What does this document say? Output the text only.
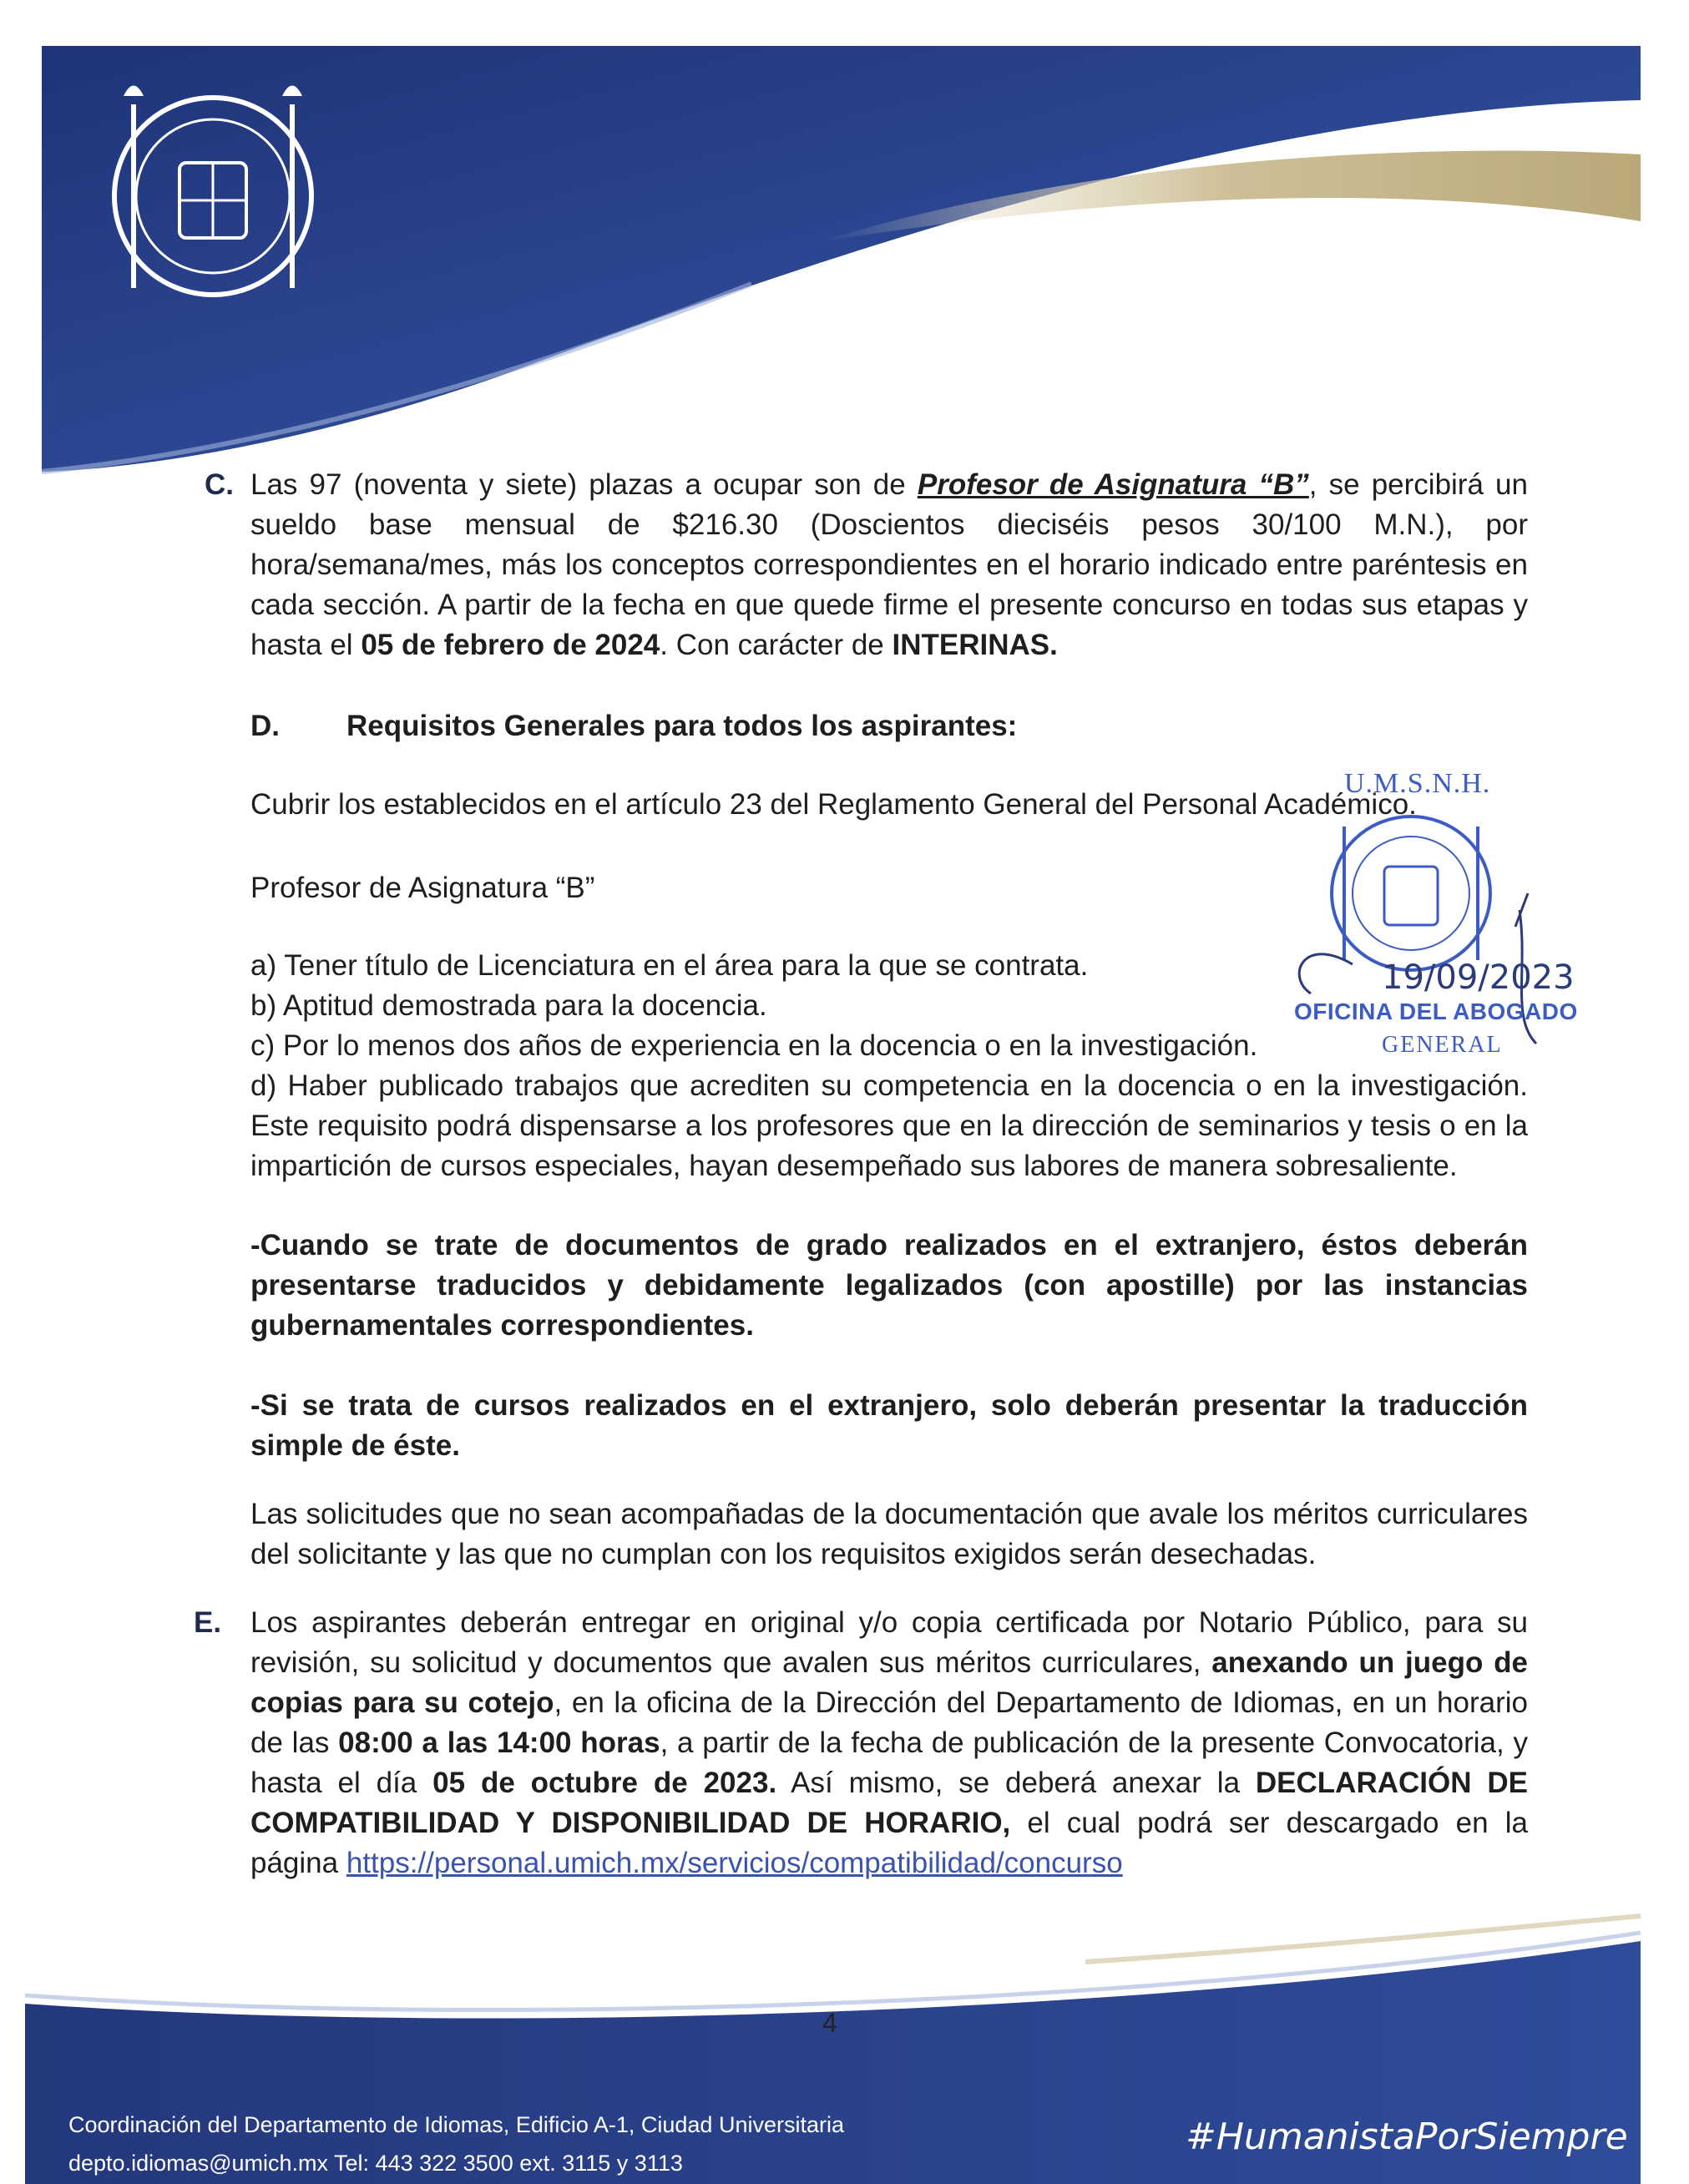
C. Las 97 (noventa y siete) plazas a ocupar son de Profesor de Asignatura “B”, se percibirá un sueldo base mensual de $216.30 (Doscientos dieciséis pesos 30/100 M.N.), por hora/semana/mes, más los conceptos correspondientes en el horario indicado entre paréntesis en cada sección. A partir de la fecha en que quede firme el presente concurso en todas sus etapas y hasta el 05 de febrero de 2024. Con carácter de INTERINAS.

D. Requisitos Generales para todos los aspirantes:
Cubrir los establecidos en el artículo 23 del Reglamento General del Personal Académico.
Profesor de Asignatura “B”

a) Tener título de Licenciatura en el área para la que se contrata.

b) Aptitud demostrada para la docencia.

c) Por lo menos dos años de experiencia en la docencia o en la investigación.

d) Haber publicado trabajos que acrediten su competencia en la docencia o en la investigación. Este requisito podrá dispensarse a los profesores que en la dirección de seminarios y tesis o en la impartición de cursos especiales, hayan desempeñado sus labores de manera sobresaliente.

-Cuando se trate de documentos de grado realizados en el extranjero, éstos deberán presentarse traducidos y debidamente legalizados (con apostille) por las instancias gubernamentales correspondientes.
-Si se trata de cursos realizados en el extranjero, solo deberán presentar la traducción simple de éste.
Las solicitudes que no sean acompañadas de la documentación que avale los méritos curriculares del solicitante y las que no cumplan con los requisitos exigidos serán desechadas.
E. Los aspirantes deberán entregar en original y/o copia certificada por Notario Público, para su revisión, su solicitud y documentos que avalen sus méritos curriculares, anexando un juego de copias para su cotejo, en la oficina de la Dirección del Departamento de Idiomas, en un horario de las 08:00 a las 14:00 horas, a partir de la fecha de publicación de la presente Convocatoria, y hasta el día 05 de octubre de 2023. Así mismo, se deberá anexar la DECLARACIÓN DE COMPATIBILIDAD Y DISPONIBILIDAD DE HORARIO, el cual podrá ser descargado en la página https://personal.umich.mx/servicios/compatibilidad/concurso

U.M.S.N.H.
19/09/2023
OFICINA DEL ABOGADO
GENERAL
4
Coordinación del Departamento de Idiomas, Edificio A-1, Ciudad Universitaria
depto.idiomas@umich.mx Tel: 443 322 3500 ext. 3115 y 3113
#HumanistaPorSiempre
